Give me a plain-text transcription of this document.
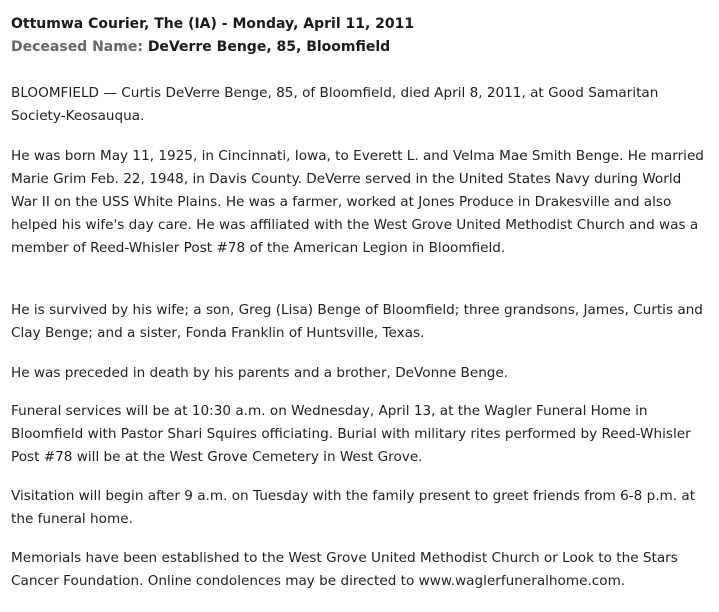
Ottumwa Courier, The (IA) - Monday, April 11, 2011
Deceased Name: DeVerre Benge, 85, Bloomfield

BLOOMFIELD — Curtis DeVerre Benge, 85, of Bloomfield, died April 8, 2011, at Good Samaritan Society-Keosauqua.

He was born May 11, 1925, in Cincinnati, Iowa, to Everett L. and Velma Mae Smith Benge. He married Marie Grim Feb. 22, 1948, in Davis County. DeVerre served in the United States Navy during World War II on the USS White Plains. He was a farmer, worked at Jones Produce in Drakesville and also helped his wife's day care. He was affiliated with the West Grove United Methodist Church and was a member of Reed-Whisler Post #78 of the American Legion in Bloomfield.

He is survived by his wife; a son, Greg (Lisa) Benge of Bloomfield; three grandsons, James, Curtis and Clay Benge; and a sister, Fonda Franklin of Huntsville, Texas.

He was preceded in death by his parents and a brother, DeVonne Benge.

Funeral services will be at 10:30 a.m. on Wednesday, April 13, at the Wagler Funeral Home in Bloomfield with Pastor Shari Squires officiating. Burial with military rites performed by Reed-Whisler Post #78 will be at the West Grove Cemetery in West Grove.

Visitation will begin after 9 a.m. on Tuesday with the family present to greet friends from 6-8 p.m. at the funeral home.

Memorials have been established to the West Grove United Methodist Church or Look to the Stars Cancer Foundation. Online condolences may be directed to www.waglerfuneralhome.com.
